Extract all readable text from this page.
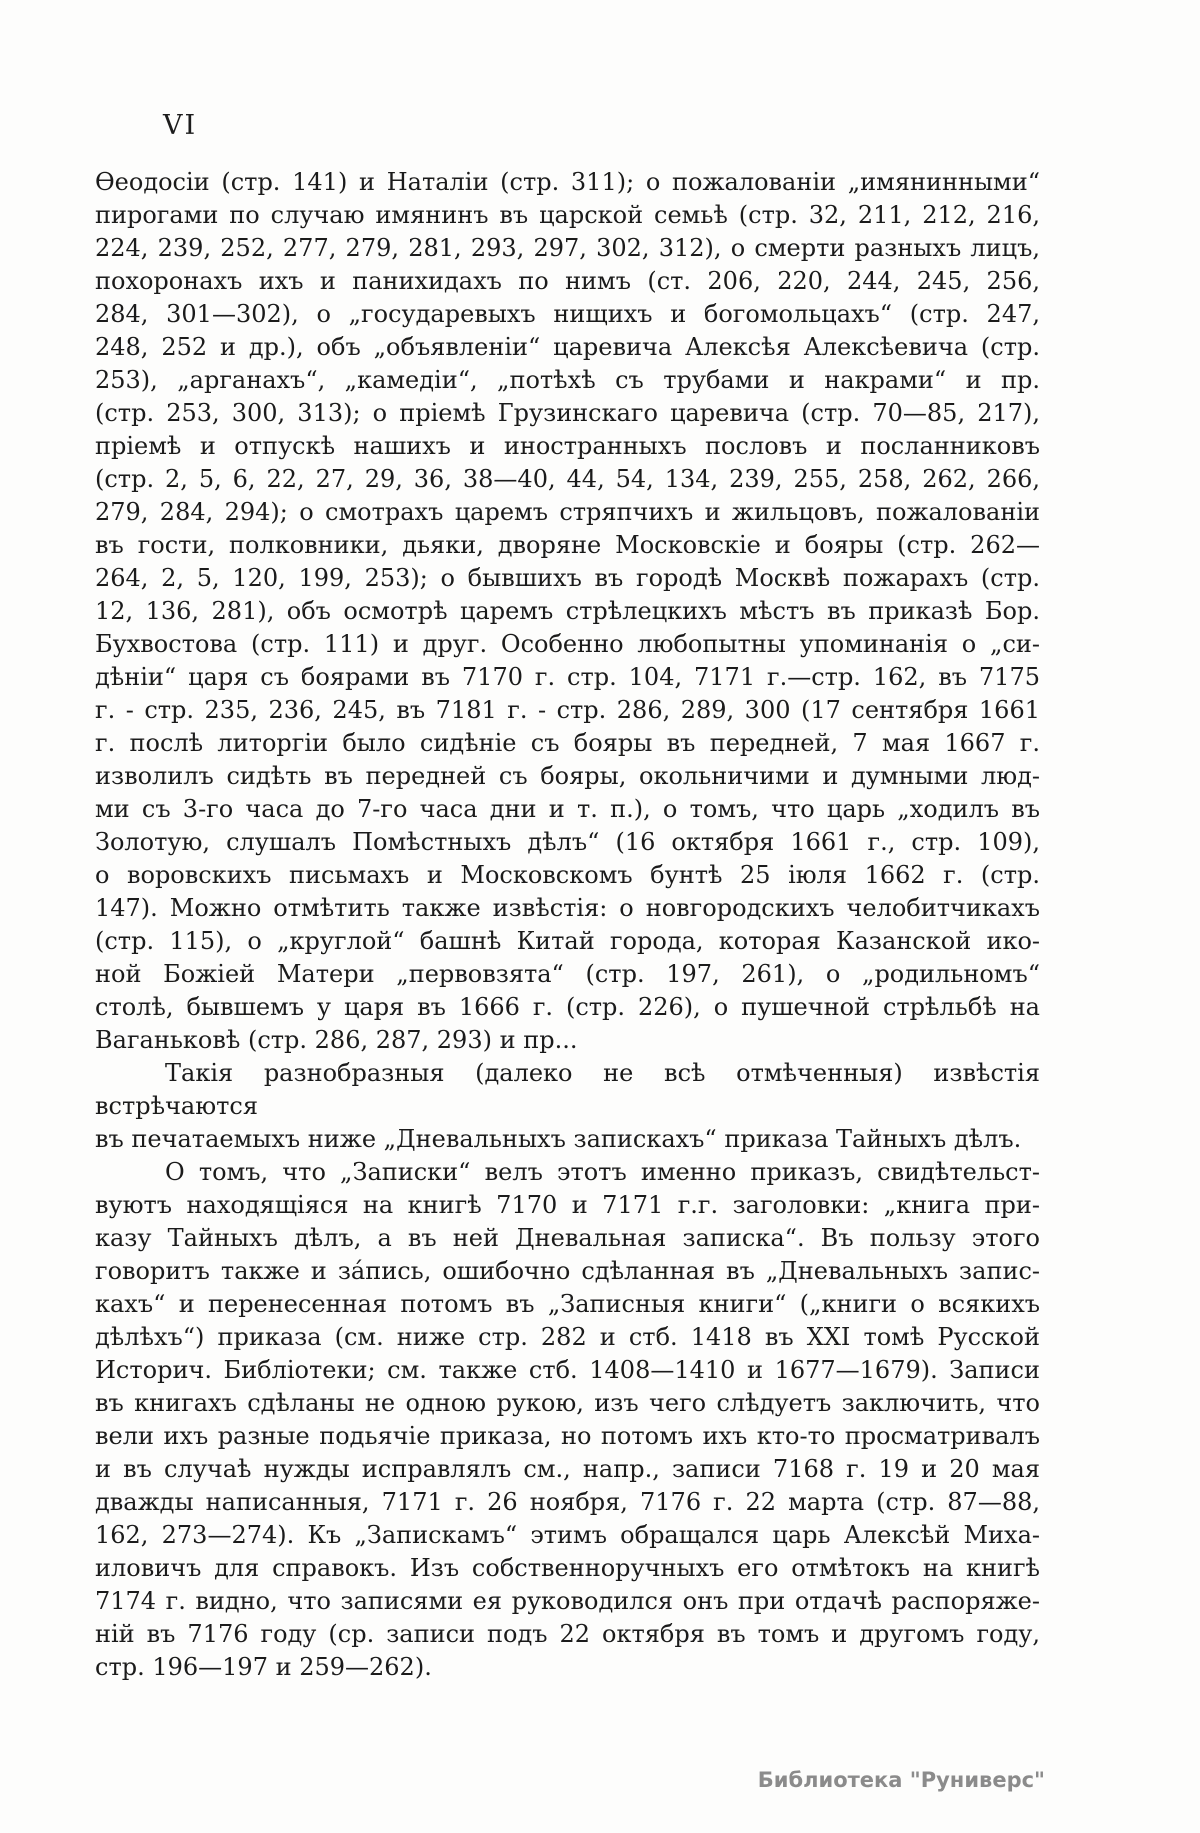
VI
Ѳеодосіи (стр. 141) и Наталіи (стр. 311); о пожалованіи „имянинными“
пирогами по случаю имянинъ въ царской семьѣ (стр. 32, 211, 212, 216,
224, 239, 252, 277, 279, 281, 293, 297, 302, 312), о смерти разныхъ лицъ,
похоронахъ ихъ и панихидахъ по нимъ (ст. 206, 220, 244, 245, 256,
284, 301—302), о „государевыхъ нищихъ и богомольцахъ“ (стр. 247,
248, 252 и др.), объ „объявленіи“ царевича Алексѣя Алексѣевича (стр.
253), „арганахъ“, „камедіи“, „потѣхѣ съ трубами и накрами“ и пр.
(стр. 253, 300, 313); о пріемѣ Грузинскаго царевича (стр. 70—85, 217),
пріемѣ и отпускѣ нашихъ и иностранныхъ пословъ и посланниковъ
(стр. 2, 5, 6, 22, 27, 29, 36, 38—40, 44, 54, 134, 239, 255, 258, 262, 266,
279, 284, 294); о смотрахъ царемъ стряпчихъ и жильцовъ, пожалованіи
въ гости, полковники, дьяки, дворяне Московскіе и бояры (стр. 262—
264, 2, 5, 120, 199, 253); о бывшихъ въ городѣ Москвѣ пожарахъ (стр.
12, 136, 281), объ осмотрѣ царемъ стрѣлецкихъ мѣстъ въ приказѣ Бор.
Бухвостова (стр. 111) и друг. Особенно любопытны упоминанія о „си-
дѣніи“ царя съ боярами въ 7170 г. стр. 104, 7171 г.—стр. 162, въ 7175
г. - стр. 235, 236, 245, въ 7181 г. - стр. 286, 289, 300 (17 сентября 1661
г. послѣ литоргіи было сидѣніе съ бояры въ передней, 7 мая 1667 г.
изволилъ сидѣть въ передней съ бояры, окольничими и думными люд-
ми съ 3-го часа до 7-го часа дни и т. п.), о томъ, что царь „ходилъ въ
Золотую, слушалъ Помѣстныхъ дѣлъ“ (16 октября 1661 г., стр. 109),
о воровскихъ письмахъ и Московскомъ бунтѣ 25 іюля 1662 г. (стр.
147). Можно отмѣтить также извѣстія: о новгородскихъ челобитчикахъ
(стр. 115), о „круглой“ башнѣ Китай города, которая Казанской ико-
ной Божіей Матери „первовзята“ (стр. 197, 261), о „родильномъ“
столѣ, бывшемъ у царя въ 1666 г. (стр. 226), о пушечной стрѣльбѣ на
Ваганьковѣ (стр. 286, 287, 293) и пр...
Такія разнобразныя (далеко не всѣ отмѣченныя) извѣстія встрѣчаются
въ печатаемыхъ ниже „Дневальныхъ запискахъ“ приказа Тайныхъ дѣлъ.
О томъ, что „Записки“ велъ этотъ именно приказъ, свидѣтельст-
вуютъ находящіяся на книгѣ 7170 и 7171 г.г. заголовки: „книга при-
казу Тайныхъ дѣлъ, а въ ней Дневальная записка“. Въ пользу этого
говоритъ также и за́пись, ошибочно сдѣланная въ „Дневальныхъ запис-
кахъ“ и перенесенная потомъ въ „Записныя книги“ („книги о всякихъ
дѣлѣхъ“) приказа (см. ниже стр. 282 и стб. 1418 въ XXI томѣ Русской
Историч. Библіотеки; см. также стб. 1408—1410 и 1677—1679). Записи
въ книгахъ сдѣланы не одною рукою, изъ чего слѣдуетъ заключить, что
вели ихъ разные подьячіе приказа, но потомъ ихъ кто-то просматривалъ
и въ случаѣ нужды исправлялъ см., напр., записи 7168 г. 19 и 20 мая
дважды написанныя, 7171 г. 26 ноября, 7176 г. 22 марта (стр. 87—88,
162, 273—274). Къ „Запискамъ“ этимъ обращался царь Алексѣй Миха-
иловичъ для справокъ. Изъ собственноручныхъ его отмѣтокъ на книгѣ
7174 г. видно, что записями ея руководился онъ при отдачѣ распоряже-
ній въ 7176 году (ср. записи подъ 22 октября въ томъ и другомъ году,
стр. 196—197 и 259—262).
Библиотека "Руниверс"
